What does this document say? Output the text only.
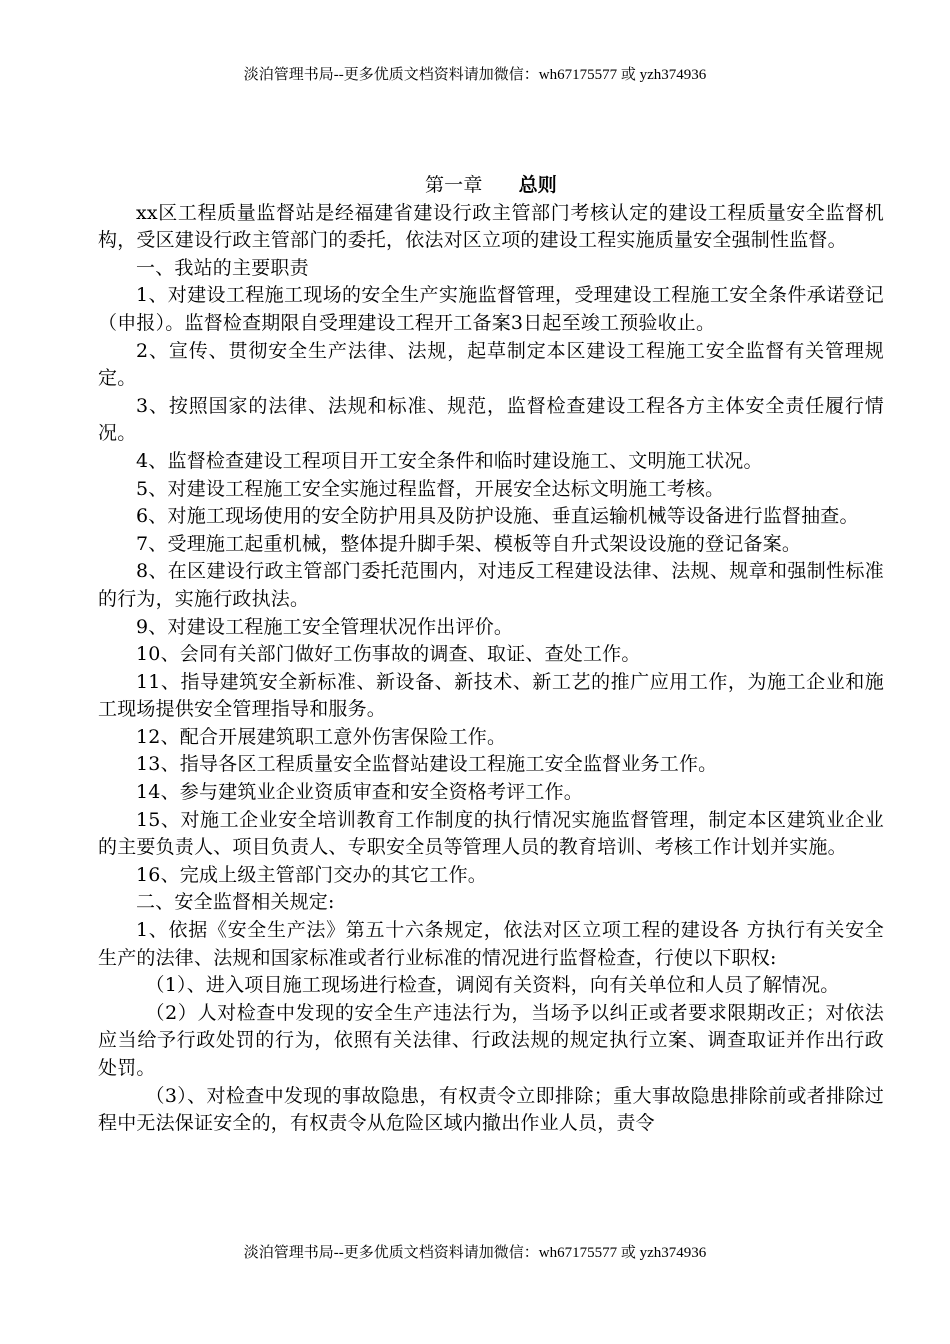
淡泊管理书局--更多优质文档资料请加微信：wh67175577 或 yzh374936

第一章 总则

xx区工程质量监督站是经福建省建设行政主管部门考核认定的建设工程质量安全监督机构，受区建设行政主管部门的委托，依法对区立项的建设工程实施质量安全强制性监督。

一、我站的主要职责

1、对建设工程施工现场的安全生产实施监督管理，受理建设工程施工安全条件承诺登记（申报）。监督检查期限自受理建设工程开工备案3日起至竣工预验收止。

2、宣传、贯彻安全生产法律、法规，起草制定本区建设工程施工安全监督有关管理规定。

3、按照国家的法律、法规和标准、规范，监督检查建设工程各方主体安全责任履行情况。

4、监督检查建设工程项目开工安全条件和临时建设施工、文明施工状况。

5、对建设工程施工安全实施过程监督，开展安全达标文明施工考核。

6、对施工现场使用的安全防护用具及防护设施、垂直运输机械等设备进行监督抽查。

7、受理施工起重机械，整体提升脚手架、模板等自升式架设设施的登记备案。

8、在区建设行政主管部门委托范围内，对违反工程建设法律、法规、规章和强制性标准的行为，实施行政执法。

9、对建设工程施工安全管理状况作出评价。

10、会同有关部门做好工伤事故的调查、取证、查处工作。

11、指导建筑安全新标准、新设备、新技术、新工艺的推广应用工作，为施工企业和施工现场提供安全管理指导和服务。

12、配合开展建筑职工意外伤害保险工作。

13、指导各区工程质量安全监督站建设工程施工安全监督业务工作。

14、参与建筑业企业资质审查和安全资格考评工作。

15、对施工企业安全培训教育工作制度的执行情况实施监督管理，制定本区建筑业企业的主要负责人、项目负责人、专职安全员等管理人员的教育培训、考核工作计划并实施。

16、完成上级主管部门交办的其它工作。

二、安全监督相关规定:

1、依据《安全生产法》第五十六条规定，依法对区立项工程的建设各 方执行有关安全生产的法律、法规和国家标准或者行业标准的情况进行监督检查，行使以下职权:

（1）、进入项目施工现场进行检查，调阅有关资料，向有关单位和人员了解情况。

（2）人对检查中发现的安全生产违法行为，当场予以纠正或者要求限期改正；对依法应当给予行政处罚的行为，依照有关法律、行政法规的规定执行立案、调查取证并作出行政处罚。

（3）、对检查中发现的事故隐患，有权责令立即排除；重大事故隐患排除前或者排除过程中无法保证安全的，有权责令从危险区域内撤出作业人员，责令

淡泊管理书局--更多优质文档资料请加微信：wh67175577 或 yzh374936
